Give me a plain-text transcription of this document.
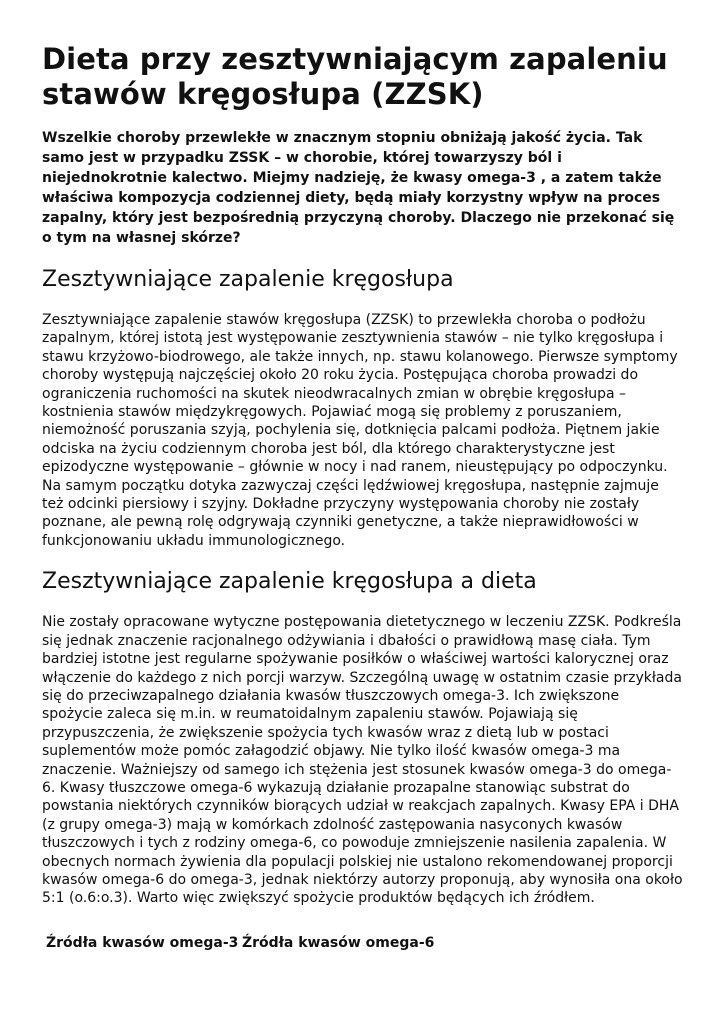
Dieta przy zesztywniającym zapaleniu stawów kręgosłupa (ZZSK)

Wszelkie choroby przewlekłe w znacznym stopniu obniżają jakość życia. Tak samo jest w przypadku ZSSK – w chorobie, której towarzyszy ból i niejednokrotnie kalectwo. Miejmy nadzieję, że kwasy omega-3 , a zatem także właściwa kompozycja codziennej diety, będą miały korzystny wpływ na proces zapalny, który jest bezpośrednią przyczyną choroby. Dlaczego nie przekonać się o tym na własnej skórze?

Zesztywniające zapalenie kręgosłupa

Zesztywniające zapalenie stawów kręgosłupa (ZZSK) to przewlekła choroba o podłożu zapalnym, której istotą jest występowanie zesztywnienia stawów – nie tylko kręgosłupa i stawu krzyżowo-biodrowego, ale także innych, np. stawu kolanowego. Pierwsze symptomy choroby występują najczęściej około 20 roku życia. Postępująca choroba prowadzi do ograniczenia ruchomości na skutek nieodwracalnych zmian w obrębie kręgosłupa – kostnienia stawów międzykręgowych. Pojawiać mogą się problemy z poruszaniem, niemożność poruszania szyją, pochylenia się, dotknięcia palcami podłoża. Piętnem jakie odciska na życiu codziennym choroba jest ból, dla którego charakterystyczne jest epizodyczne występowanie – głównie w nocy i nad ranem, nieustępujący po odpoczynku. Na samym początku dotyka zazwyczaj części lędźwiowej kręgosłupa, następnie zajmuje też odcinki piersiowy i szyjny. Dokładne przyczyny występowania choroby nie zostały poznane, ale pewną rolę odgrywają czynniki genetyczne, a także nieprawidłowości w funkcjonowaniu układu immunologicznego.

Zesztywniające zapalenie kręgosłupa a dieta

Nie zostały opracowane wytyczne postępowania dietetycznego w leczeniu ZZSK. Podkreśla się jednak znaczenie racjonalnego odżywiania i dbałości o prawidłową masę ciała. Tym bardziej istotne jest regularne spożywanie posiłków o właściwej wartości kalorycznej oraz włączenie do każdego z nich porcji warzyw. Szczególną uwagę w ostatnim czasie przykłada się do przeciwzapalnego działania kwasów tłuszczowych omega-3. Ich zwiększone spożycie zaleca się m.in. w reumatoidalnym zapaleniu stawów. Pojawiają się przypuszczenia, że zwiększenie spożycia tych kwasów wraz z dietą lub w postaci suplementów może pomóc załagodzić objawy. Nie tylko ilość kwasów omega-3 ma znaczenie. Ważniejszy od samego ich stężenia jest stosunek kwasów omega-3 do omega-6. Kwasy tłuszczowe omega-6 wykazują działanie prozapalne stanowiąc substrat do powstania niektórych czynników biorących udział w reakcjach zapalnych. Kwasy EPA i DHA (z grupy omega-3) mają w komórkach zdolność zastępowania nasyconych kwasów tłuszczowych i tych z rodziny omega-6, co powoduje zmniejszenie nasilenia zapalenia. W obecnych normach żywienia dla populacji polskiej nie ustalono rekomendowanej proporcji kwasów omega-6 do omega-3, jednak niektórzy autorzy proponują, aby wynosiła ona około 5:1 (o.6:o.3). Warto więc zwiększyć spożycie produktów będących ich źródłem.

Źródła kwasów omega-3 Źródła kwasów omega-6
